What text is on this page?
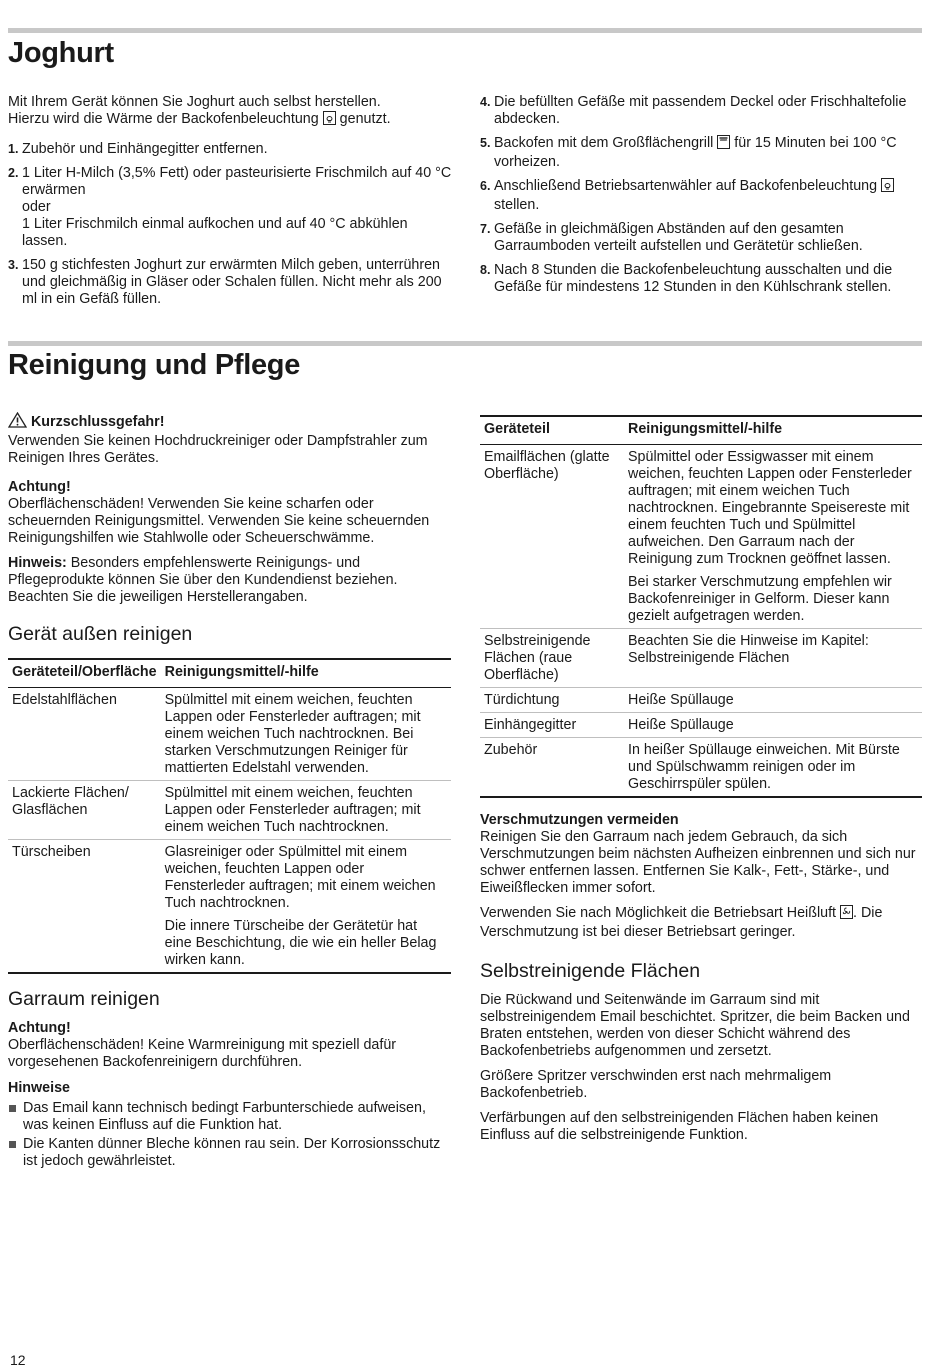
Joghurt

Mit Ihrem Gerät können Sie Joghurt auch selbst herstellen.
Hierzu wird die Wärme der Backofenbeleuchtung  genutzt.

1. Zubehör und Einhängegitter entfernen.
2. 1 Liter H-Milch (3,5% Fett) oder pasteurisierte Frischmilch auf 40 °C erwärmen
oder
1 Liter Frischmilch einmal aufkochen und auf 40 °C abkühlen lassen.
3. 150 g stichfesten Joghurt zur erwärmten Milch geben, unterrühren und gleichmäßig in Gläser oder Schalen füllen. Nicht mehr als 200 ml in ein Gefäß füllen.
4. Die befüllten Gefäße mit passendem Deckel oder Frischhaltefolie abdecken.
5. Backofen mit dem Großflächengrill  für 15 Minuten bei 100 °C vorheizen.
6. Anschließend Betriebsartenwähler auf Backofenbeleuchtung  stellen.
7. Gefäße in gleichmäßigen Abständen auf den gesamten Garraumboden verteilt aufstellen und Gerätetür schließen.
8. Nach 8 Stunden die Backofenbeleuchtung ausschalten und die Gefäße für mindestens 12 Stunden in den Kühlschrank stellen.
Reinigung und Pflege
Kurzschlussgefahr!
Verwenden Sie keinen Hochdruckreiniger oder Dampfstrahler zum Reinigen Ihres Gerätes.
Achtung!
Oberflächenschäden! Verwenden Sie keine scharfen oder scheuernden Reinigungsmittel. Verwenden Sie keine scheuernden Reinigungshilfen wie Stahlwolle oder Scheuerschwämme.

Hinweis: Besonders empfehlenswerte Reinigungs- und Pflegeprodukte können Sie über den Kundendienst beziehen. Beachten Sie die jeweiligen Herstellerangaben.

Gerät außen reinigen
Geräteteil/Oberfläche	Reinigungsmittel/-hilfe
Edelstahlflächen	Spülmittel mit einem weichen, feuchten Lappen oder Fensterleder auftragen; mit einem weichen Tuch nachtrocknen. Bei starken Verschmutzungen Reiniger für mattierten Edelstahl verwenden.
Lackierte Flächen/ Glasflächen	Spülmittel mit einem weichen, feuchten Lappen oder Fensterleder auftragen; mit einem weichen Tuch nachtrocknen.
Türscheiben	Glasreiniger oder Spülmittel mit einem weichen, feuchten Lappen oder Fensterleder auftragen; mit einem weichen Tuch nachtrocknen.

Die innere Türscheibe der Gerätetür hat eine Beschichtung, die wie ein heller Belag wirken kann.

Garraum reinigen
Achtung!
Oberflächenschäden! Keine Warmreinigung mit speziell dafür vorgesehenen Backofenreinigern durchführen.
Hinweise
Das Email kann technisch bedingt Farbunterschiede aufweisen, was keinen Einfluss auf die Funktion hat.
Die Kanten dünner Bleche können rau sein. Der Korrosionsschutz ist jedoch gewährleistet.
Geräteteil	Reinigungsmittel/-hilfe
Emailflächen (glatte Oberfläche)	Spülmittel oder Essigwasser mit einem weichen, feuchten Lappen oder Fensterleder auftragen; mit einem weichen Tuch nachtrocknen. Eingebrannte Speisereste mit einem feuchten Tuch und Spülmittel aufweichen. Den Garraum nach der Reinigung zum Trocknen geöffnet lassen.

Bei starker Verschmutzung empfehlen wir Backofenreiniger in Gelform. Dieser kann gezielt aufgetragen werden.

Selbstreinigende Flächen (raue Oberfläche)	Beachten Sie die Hinweise im Kapitel: Selbstreinigende Flächen
Türdichtung	Heiße Spüllauge
Einhängegitter	Heiße Spüllauge
Zubehör	In heißer Spüllauge einweichen. Mit Bürste und Spülschwamm reinigen oder im Geschirrspüler spülen.
Verschmutzungen vermeiden

Reinigen Sie den Garraum nach jedem Gebrauch, da sich Verschmutzungen beim nächsten Aufheizen einbrennen und sich nur schwer entfernen lassen. Entfernen Sie Kalk-, Fett-, Stärke-, und Eiweißflecken immer sofort.

Verwenden Sie nach Möglichkeit die Betriebsart Heißluft . Die Verschmutzung ist bei dieser Betriebsart geringer.

Selbstreinigende Flächen

Die Rückwand und Seitenwände im Garraum sind mit selbstreinigendem Email beschichtet. Spritzer, die beim Backen und Braten entstehen, werden von dieser Schicht während des Backofenbetriebs aufgenommen und zersetzt.

Größere Spritzer verschwinden erst nach mehrmaligem Backofenbetrieb.

Verfärbungen auf den selbstreinigenden Flächen haben keinen Einfluss auf die selbstreinigende Funktion.

12
